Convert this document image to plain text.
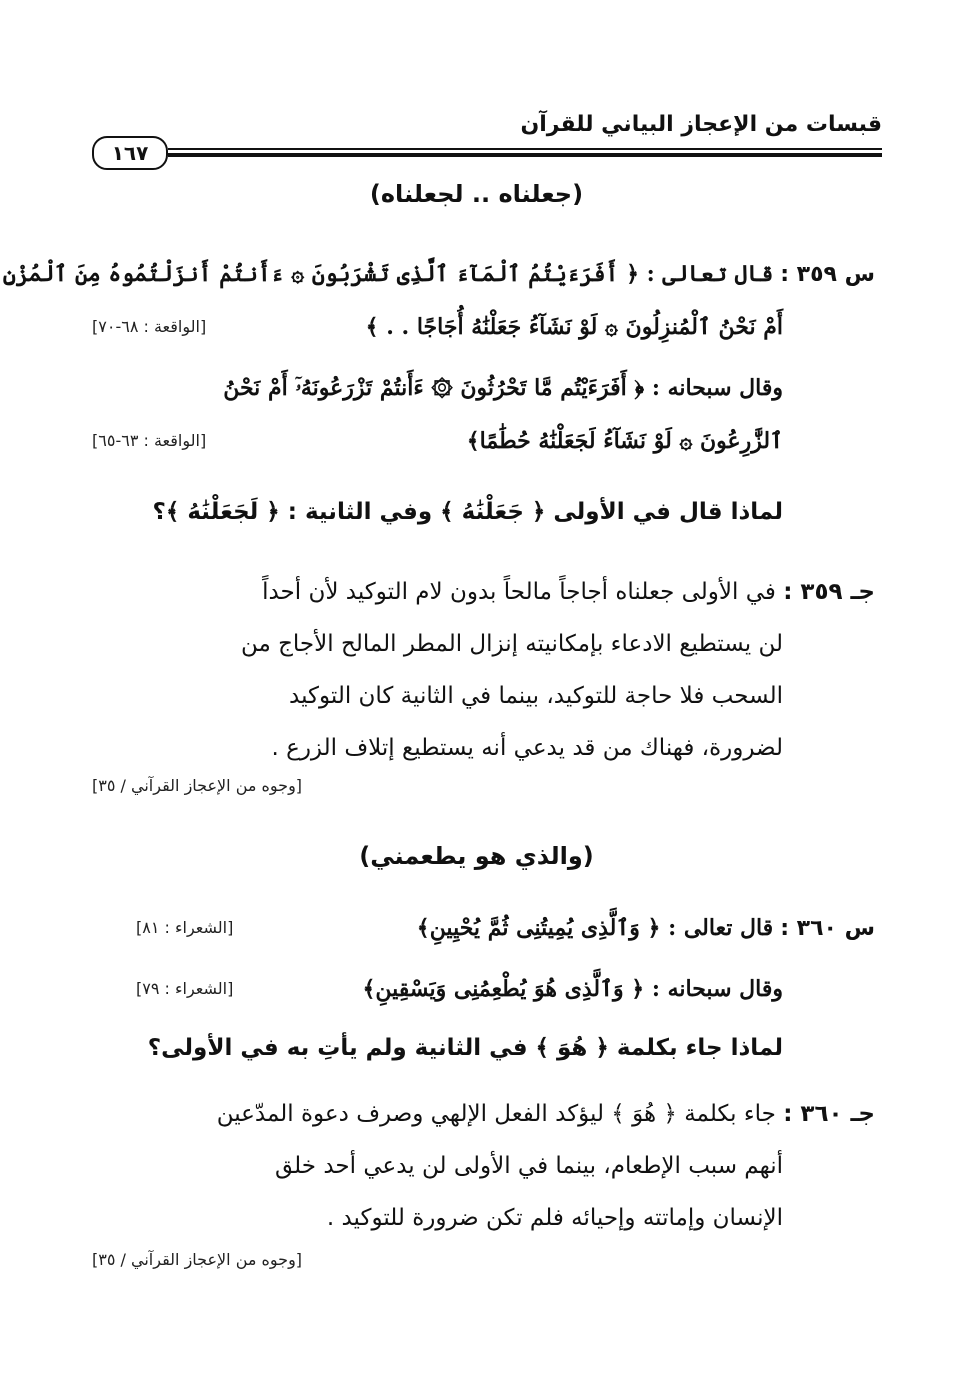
قبسات من الإعجاز البياني للقرآن
١٦٧
(جعلناه .. لجعلناه)
س ٣٥٩ : قال تعالى : ﴿ أَفَرَءَيْتُمُ ٱلْمَآءَ ٱلَّذِى تَشْرَبُونَ ۞ ءَأَنتُمْ أَنزَلْتُمُوهُ مِنَ ٱلْمُزْنِ
أَمْ نَحْنُ ٱلْمُنزِلُونَ ۞ لَوْ نَشَآءُ جَعَلْنَٰهُ أُجَاجًا . . ﴾
[الواقعة : ٦٨-٧٠]
وقال سبحانه : ﴿ أَفَرَءَيْتُم مَّا تَحْرُثُونَ ۞ ءَأَنتُمْ تَزْرَعُونَهُۥٓ أَمْ نَحْنُ
ٱلزَّٰرِعُونَ ۞ لَوْ نَشَآءُ لَجَعَلْنَٰهُ حُطَٰمًا﴾
[الواقعة : ٦٣-٦٥]
لماذا قال في الأولى ﴿ جَعَلْنَٰهُ ﴾ وفي الثانية : ﴿ لَجَعَلْنَٰهُ ﴾؟
جـ ٣٥٩ : في الأولى جعلناه أجاجاً مالحاً بدون لام التوكيد لأن أحداً
لن يستطيع الادعاء بإمكانيته إنزال المطر المالح الأجاج من
السحب فلا حاجة للتوكيد، بينما في الثانية كان التوكيد
لضرورة، فهناك من قد يدعي أنه يستطيع إتلاف الزرع .
[وجوه من الإعجاز القرآني / ٣٥]
(والذي هو يطعمني)
س ٣٦٠ : قال تعالى : ﴿ وَٱلَّذِى يُمِيتُنِى ثُمَّ يُحْيِينِ﴾
[الشعراء : ٨١]
وقال سبحانه : ﴿ وَٱلَّذِى هُوَ يُطْعِمُنِى وَيَسْقِينِ﴾
[الشعراء : ٧٩]
لماذا جاء بكلمة ﴿ هُوَ ﴾ في الثانية ولم يأتِ به في الأولى؟
جـ ٣٦٠ : جاء بكلمة ﴿ هُوَ ﴾ ليؤكد الفعل الإلهي وصرف دعوة المدّعين
أنهم سبب الإطعام، بينما في الأولى لن يدعي أحد خلق
الإنسان وإماتته وإحيائه فلم تكن ضرورة للتوكيد .
[وجوه من الإعجاز القرآني / ٣٥]
